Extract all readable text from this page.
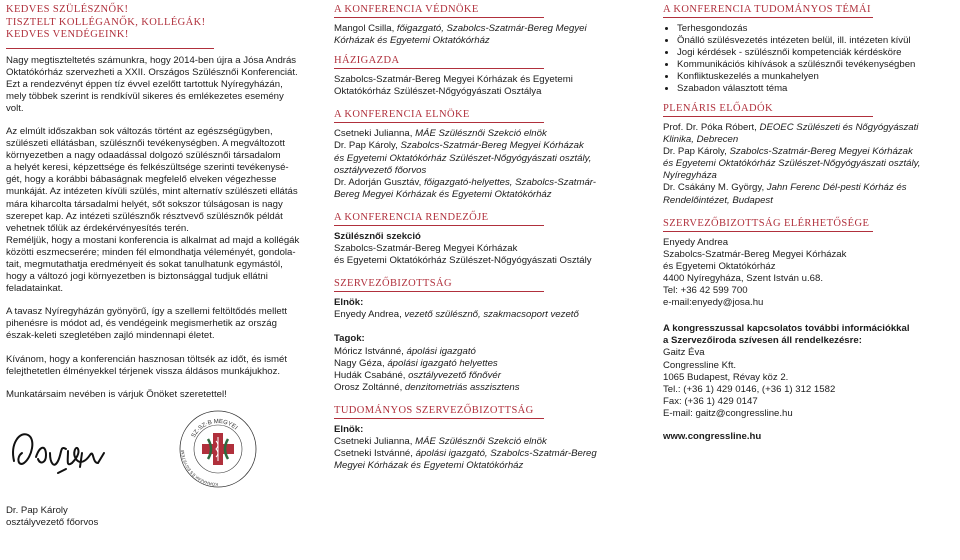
KEDVES SZÜLÉSZNŐK!
TISZTELT KOLLÉGANŐK, KOLLÉGÁK!
KEDVES VENDÉGEINK!

Nagy megtiszteltetés számunkra, hogy 2014-ben újra a Jósa András
Oktatókórház szervezheti a XXII. Országos Szülésznői Konferenciát.
Ezt a rendezvényt éppen tíz évvel ezelőtt tartottuk Nyíregyházán,
mely többek szerint is rendkívül sikeres és emlékezetes esemény
volt.

Az elmúlt időszakban sok változás történt az egészségügyben,
szülészeti ellátásban, szülésznői tevékenységben. A megváltozott
környezetben a nagy odaadással dolgozó szülésznői társadalom
a helyét keresi, képzettsége és felkészültsége szerinti tevékenysé-
gét, hogy a korábbi bábaságnak megfelelő elveken végezhesse
munkáját. Az intézeten kívüli szülés, mint alternatív szülészeti ellátás
mára kiharcolta társadalmi helyét, sőt sokszor túlságosan is nagy
szerepet kap. Az intézeti szülésznők résztvevő szülésznők példát
vehetnek tőlük az érdekérvényesítés terén.
Reméljük, hogy a mostani konferencia is alkalmat ad majd a kollégák
közötti eszmecserére; minden fél elmondhatja véleményét, gondola-
tait, megmutathatja eredményeit és sokat tanulhatunk egymástól,
hogy a változó jogi környezetben is biztonsággal tudjuk ellátni
feladatainkat.

A tavasz Nyíregyházán gyönyörű, így a szellemi feltöltődés mellett
pihenésre is módot ad, és vendégeink megismerhetik az ország
észak-keleti szegletében zajló mindennapi életet.

Kívánom, hogy a konferencián hasznosan töltsék az időt, és ismét
felejthetetlen élményekkel térjenek vissza áldásos munkájukhoz.

Munkatársaim nevében is várjuk Önöket szeretettel!

SZ·SZ·B MEGYEI
KÓRHÁZAK ÉS EGYETEMI

Dr. Pap Károly

osztályvezető főorvos

A KONFERENCIA VÉDNÖKE

Mangol Csilla, főigazgató, Szabolcs-Szatmár-Bereg Megyei
Kórházak és Egyetemi Oktatókórház

HÁZIGAZDA

Szabolcs-Szatmár-Bereg Megyei Kórházak és Egyetemi
Oktatókórház Szülészet-Nőgyógyászati Osztálya

A KONFERENCIA ELNÖKE

Csetneki Julianna, MÁE Szülésznői Szekció elnök
Dr. Pap Károly, Szabolcs-Szatmár-Bereg Megyei Kórházak
és Egyetemi Oktatókórház Szülészet-Nőgyógyászati osztály,
osztályvezető főorvos
Dr. Adorján Gusztáv, főigazgató-helyettes, Szabolcs-Szatmár-
Bereg Megyei Kórházak és Egyetemi Oktatókórház

A KONFERENCIA RENDEZŐJE

Szülésznői szekció
Szabolcs-Szatmár-Bereg Megyei Kórházak
és Egyetemi Oktatókórház Szülészet-Nőgyógyászati Osztály

SZERVEZŐBIZOTTSÁG

Elnök:
Enyedy Andrea, vezető szülésznő, szakmacsoport vezető
Tagok:
Móricz Istvánné, ápolási igazgató
Nagy Géza, ápolási igazgató helyettes
Hudák Csabáné, osztályvezető főnővér
Orosz Zoltánné, denzitometriás asszisztens

TUDOMÁNYOS SZERVEZŐBIZOTTSÁG

Elnök:
Csetneki Julianna, MÁE Szülésznői Szekció elnök
Csetneki Istvánné, ápolási igazgató, Szabolcs-Szatmár-Bereg
Megyei Kórházak és Egyetemi Oktatókórház

A KONFERENCIA TUDOMÁNYOS TÉMÁI
• Terhesgondozás
• Önálló szülésvezetés intézeten belül, ill. intézeten kívül
• Jogi kérdések - szülésznői kompetenciák kérdésköre
• Kommunikációs kihívások a szülésznői tevékenységben
• Konfliktuskezelés a munkahelyen
• Szabadon választott téma
PLENÁRIS ELŐADÓK

Prof. Dr. Póka Róbert, DEOEC Szülészeti és Nőgyógyászati
Klinika, Debrecen
Dr. Pap Károly, Szabolcs-Szatmár-Bereg Megyei Kórházak
és Egyetemi Oktatókórház Szülészet-Nőgyógyászati osztály,
Nyíregyháza
Dr. Csákány M. György, Jahn Ferenc Dél-pesti Kórház és
Rendelőintézet, Budapest

SZERVEZŐBIZOTTSÁG ELÉRHETŐSÉGE

Enyedy Andrea
Szabolcs-Szatmár-Bereg Megyei Kórházak
és Egyetemi Oktatókórház
4400 Nyíregyháza, Szent István u.68.
Tel: +36 42 599 700
e-mail:enyedy@josa.hu

A kongresszussal kapcsolatos további információkkal
a Szervezőiroda szívesen áll rendelkezésre:
Gaitz Éva
Congressline Kft.
1065 Budapest, Révay köz 2.
Tel.: (+36 1) 429 0146, (+36 1) 312 1582
Fax: (+36 1) 429 0147
E-mail: gaitz@congressline.hu

www.congressline.hu
